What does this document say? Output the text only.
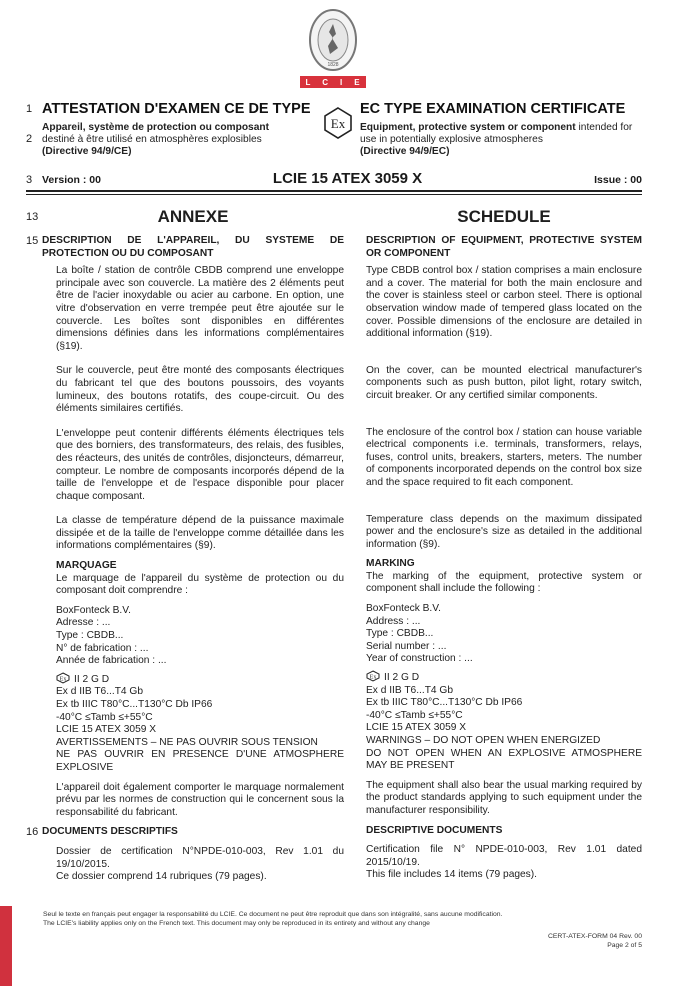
1828
L C I E
1
2
ATTESTATION D'EXAMEN CE DE TYPE
Appareil, système de protection ou composant
destiné à être utilisé en atmosphères explosibles
(Directive 94/9/CE)
Ex
EC TYPE EXAMINATION CERTIFICATE
Equipment, protective system or component intended for use in potentially explosive atmospheres
(Directive 94/9/EC)
3 Version : 00	LCIE 15 ATEX 3059 X	Issue : 00
13	ANNEXE
15 DESCRIPTION DE L'APPAREIL, DU SYSTEME DE PROTECTION OU DU COMPOSANT

La boîte / station de contrôle CBDB comprend une enveloppe principale avec son couvercle. La matière des 2 éléments peut être de l'acier inoxydable ou acier au carbone. En option, une vitre d'observation en verre trempée peut être ajoutée sur le couvercle. Les boîtes sont disponibles en différentes dimensions définies dans les informations complémentaires (§19).

Sur le couvercle, peut être monté des composants électriques du fabricant tel que des boutons poussoirs, des voyants lumineux, des boutons rotatifs, des coupe-circuit. Ou des éléments similaires certifiés.

L'enveloppe peut contenir différents éléments électriques tels que des borniers, des transformateurs, des relais, des fusibles, des réacteurs, des unités de contrôles, disjoncteurs, démarreur, compteur. Le nombre de composants incorporés dépend de la taille de l'enveloppe et de l'espace disponible pour placer chaque composant.

La classe de température dépend de la puissance maximale dissipée et de la taille de l'enveloppe comme détaillée dans les informations complémentaires (§9).

MARQUAGE

Le marquage de l'appareil du système de protection ou du composant doit comprendre :

BoxFonteck B.V.
Adresse : ...
Type : CBDB...
N° de fabrication : ...
Année de fabrication : ...
Ex II 2 G D
Ex d IIB T6...T4 Gb
Ex tb IIIC T80°C...T130°C Db IP66
-40°C ≤Tamb ≤+55°C
LCIE 15 ATEX 3059 X
AVERTISSEMENTS – NE PAS OUVRIR SOUS TENSION

NE PAS OUVRIR EN PRESENCE D'UNE ATMOSPHERE EXPLOSIVE

L'appareil doit également comporter le marquage normalement prévu par les normes de construction qui le concernent sous la responsabilité du fabricant.

16 DOCUMENTS DESCRIPTIFS

Dossier de certification N°NPDE-010-003, Rev 1.01 du 19/10/2015.

Ce dossier comprend 14 rubriques (79 pages).

SCHEDULE

DESCRIPTION OF EQUIPMENT, PROTECTIVE SYSTEM OR COMPONENT

Type CBDB control box / station comprises a main enclosure and a cover. The material for both the main enclosure and the cover is stainless steel or carbon steel. There is optional observation window made of tempered glass located on the cover. Possible dimensions of the enclosure are detailed in additional information (§19).

On the cover, can be mounted electrical manufacturer's components such as push button, pilot light, rotary switch, circuit breaker. Or any certified similar components.

The enclosure of the control box / station can house variable electrical components i.e. terminals, transformers, relays, fuses, control units, breakers, starters, meters. The number of components incorporated depends on the control box size and the space required to fit each component.

Temperature class depends on the maximum dissipated power and the enclosure's size as detailed in the additional information (§9).

MARKING

The marking of the equipment, protective system or component shall include the following :

BoxFonteck B.V.
Address : ...
Type : CBDB...
Serial number : ...
Year of construction : ...
Ex II 2 G D
Ex d IIB T6...T4 Gb
Ex tb IIIC T80°C...T130°C Db IP66
-40°C ≤Tamb ≤+55°C
LCIE 15 ATEX 3059 X
WARNINGS – DO NOT OPEN WHEN ENERGIZED

DO NOT OPEN WHEN AN EXPLOSIVE ATMOSPHERE MAY BE PRESENT

The equipment shall also bear the usual marking required by the product standards applying to such equipment under the manufacturer responsibility.

DESCRIPTIVE DOCUMENTS

Certification file N° NPDE-010-003, Rev 1.01 dated 2015/10/19.

This file includes 14 items (79 pages).

Seul le texte en français peut engager la responsabilité du LCIE. Ce document ne peut être reproduit que dans son intégralité, sans aucune modification.
The LCIE's liability applies only on the French text. This document may only be reproduced in its entirety and without any change
CERT-ATEX-FORM 04 Rev. 00
Page 2 of 5
